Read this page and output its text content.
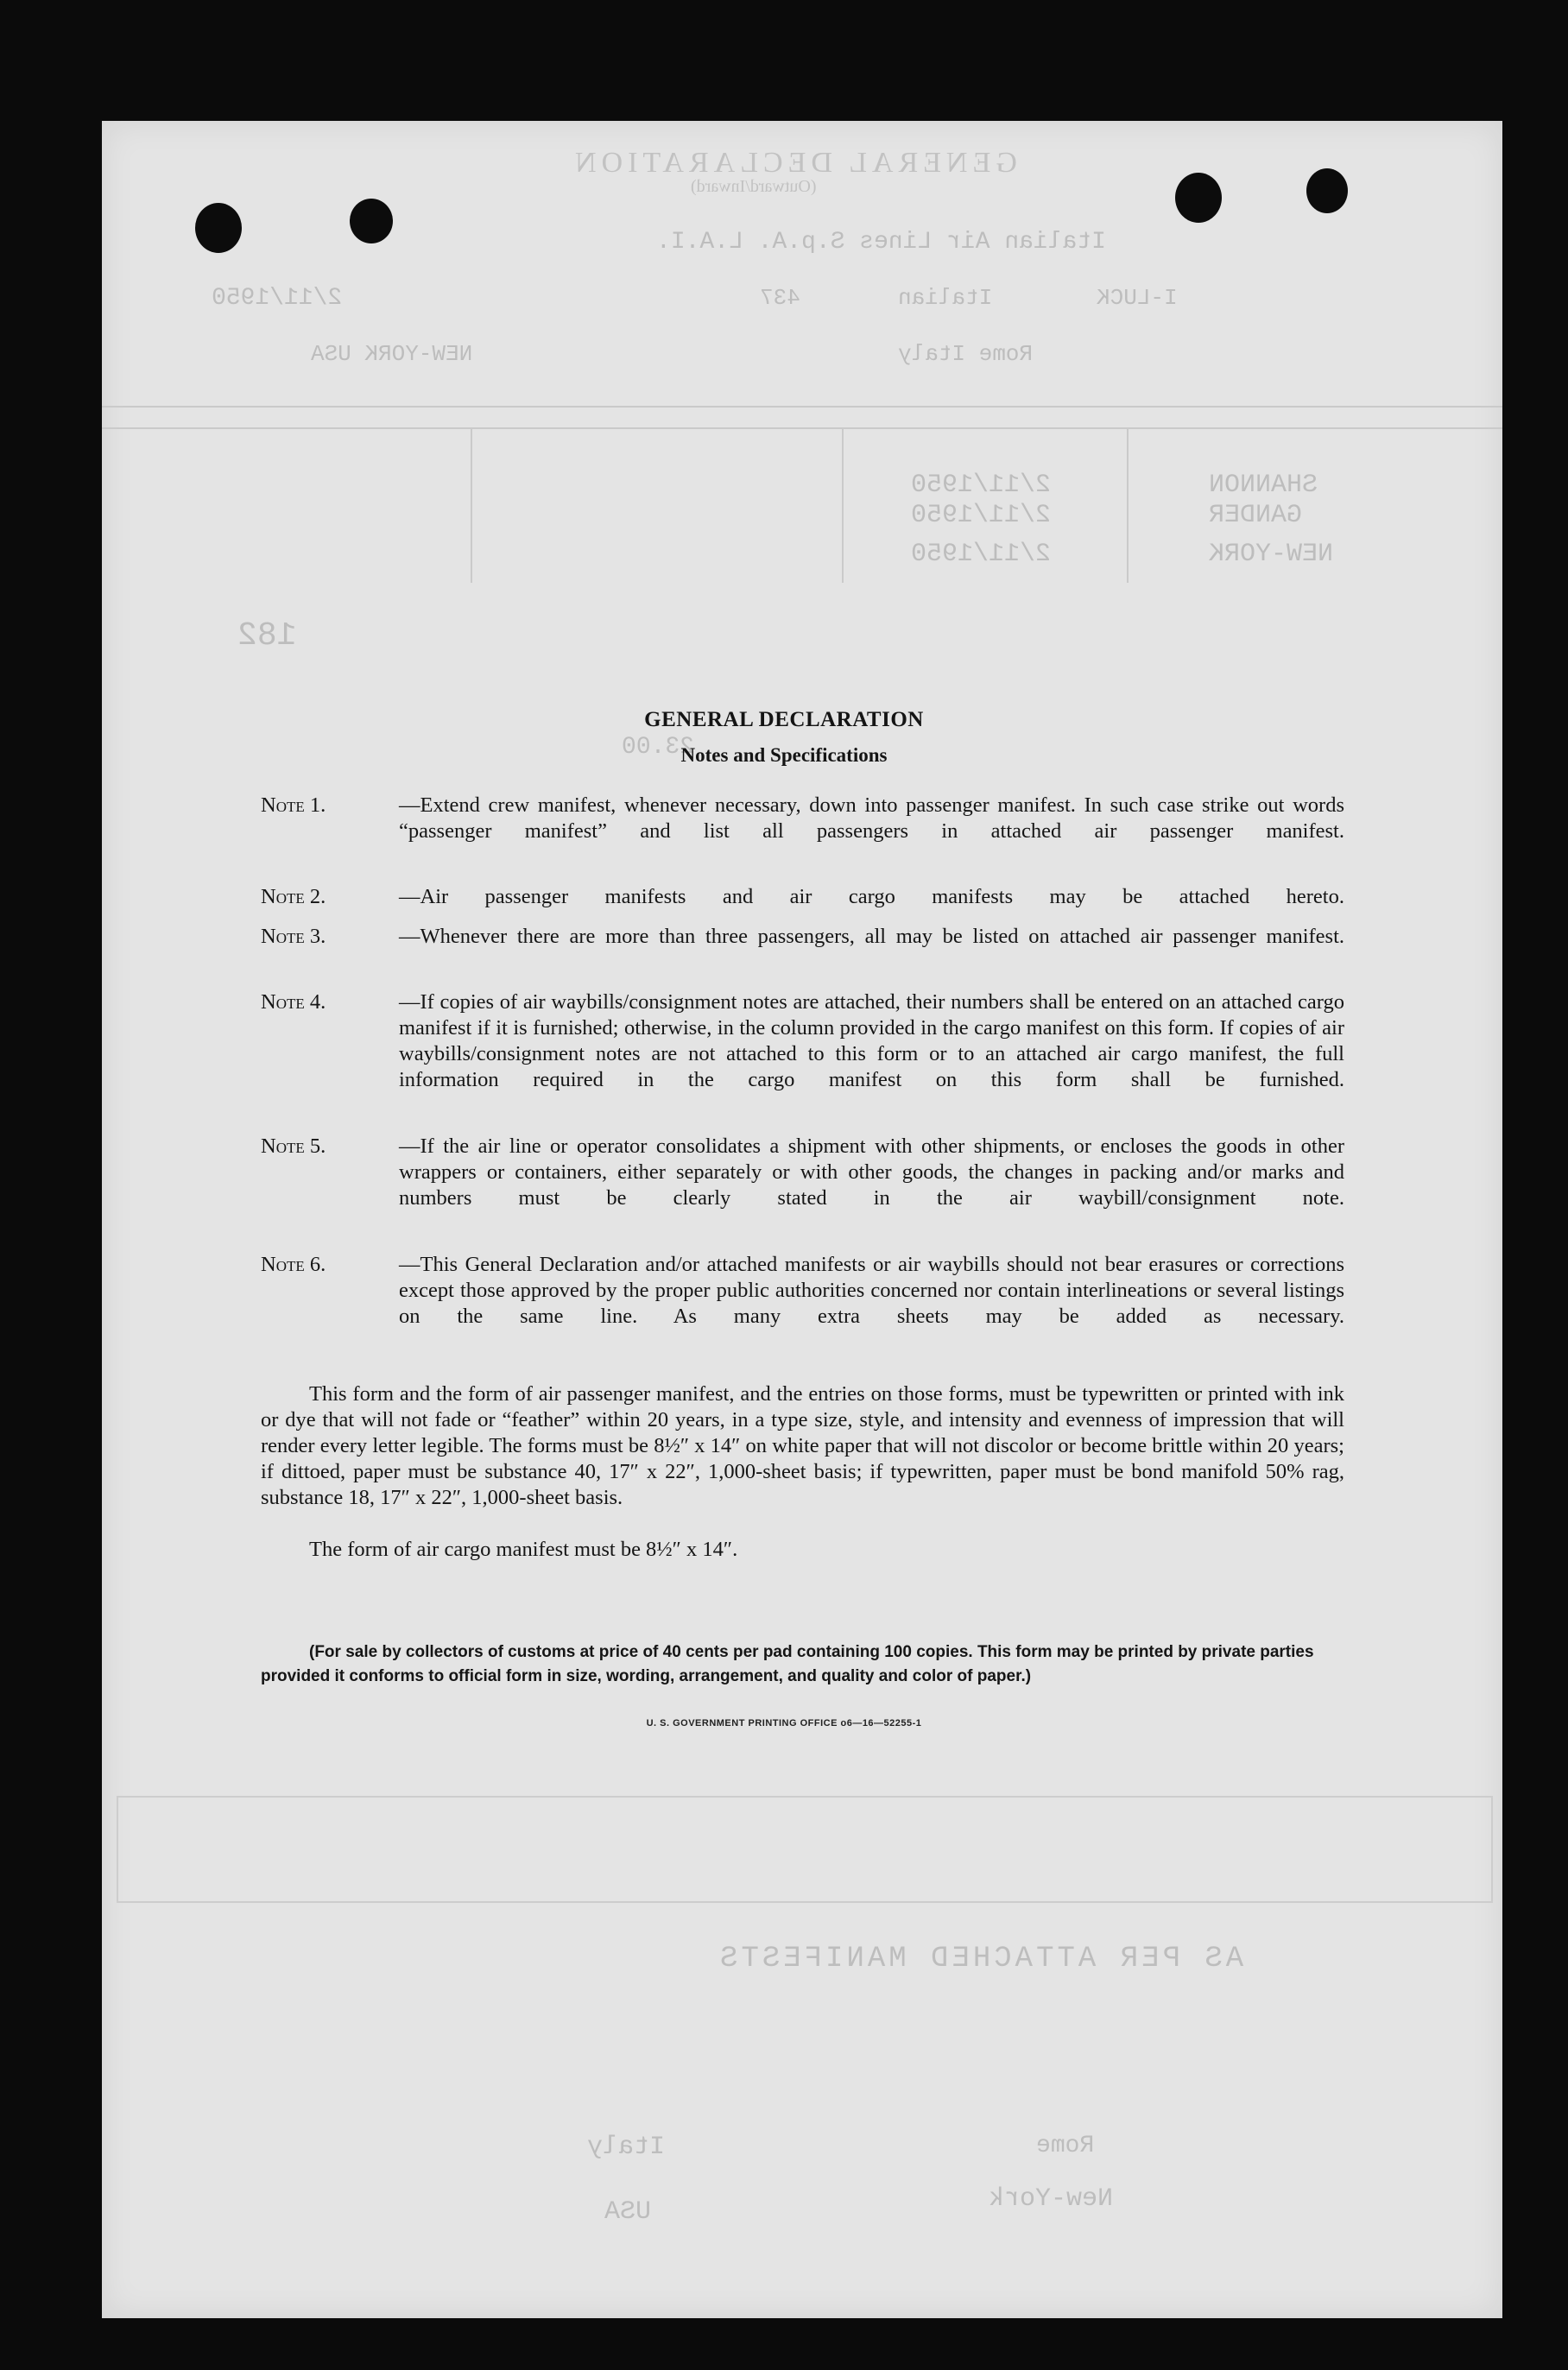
GENERAL DECLARATION
(Outward/Inward)
Italian Air Lines S.p.A. L.A.I.
I-LUCK
Italian
437
2/11/1950
Rome Italy
NEW-YORK USA
SHANNON
2/11/1950
GANDER
2/11/1950
NEW-YORK
2/11/1950
182
23.00
AS PER ATTACHED MANIFESTS
Rome
Italy
New-York
USA
GENERAL DECLARATION
Notes and Specifications
Note 1.	—Extend crew manifest, whenever necessary, down into passenger manifest. In such case strike out words “passenger manifest” and list all passengers in attached air passenger manifest.
Note 2.	—Air passenger manifests and air cargo manifests may be attached hereto.
Note 3.	—Whenever there are more than three passengers, all may be listed on attached air passenger manifest.
Note 4.	—If copies of air waybills/consignment notes are attached, their numbers shall be entered on an attached cargo manifest if it is furnished; otherwise, in the column provided in the cargo manifest on this form. If copies of air waybills/consignment notes are not attached to this form or to an attached air cargo manifest, the full information required in the cargo manifest on this form shall be furnished.
Note 5.	—If the air line or operator consolidates a shipment with other shipments, or encloses the goods in other wrappers or containers, either separately or with other goods, the changes in packing and/or marks and numbers must be clearly stated in the air waybill/consignment note.
Note 6.	—This General Declaration and/or attached manifests or air waybills should not bear erasures or corrections except those approved by the proper public authorities concerned nor contain interlineations or several listings on the same line. As many extra sheets may be added as necessary.
This form and the form of air passenger manifest, and the entries on those forms, must be typewritten or printed with ink or dye that will not fade or “feather” within 20 years, in a type size, style, and intensity and evenness of impression that will render every letter legible. The forms must be 8½″ x 14″ on white paper that will not discolor or become brittle within 20 years; if dittoed, paper must be substance 40, 17″ x 22″, 1,000-sheet basis; if typewritten, paper must be bond manifold 50% rag, substance 18, 17″ x 22″, 1,000-sheet basis.
The form of air cargo manifest must be 8½″ x 14″.
(For sale by collectors of customs at price of 40 cents per pad containing 100 copies. This form may be printed by private parties provided it conforms to official form in size, wording, arrangement, and quality and color of paper.)
U. S. GOVERNMENT PRINTING OFFICE o6—16—52255-1
